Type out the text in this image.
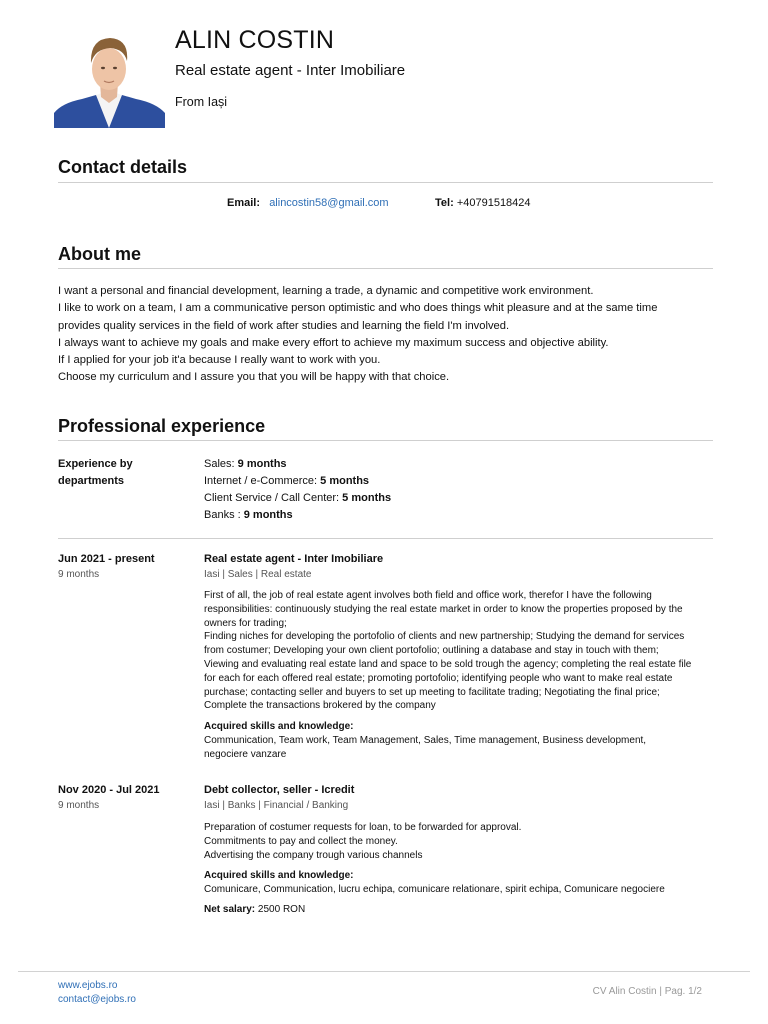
ALIN COSTIN
Real estate agent - Inter Imobiliare
From Iași
Contact details
Email: alincostin58@gmail.com	Tel: +40791518424
About me
I want a personal and financial development, learning a trade, a dynamic and competitive work environment.
I like to work on a team, I am a communicative person optimistic and who does things whit pleasure and at the same time
provides quality services in the field of work after studies and learning the field I'm involved.
I always want to achieve my goals and make every effort to achieve my maximum success and objective ability.
If I applied for your job it'a because I really want to work with you.
Choose my curriculum and I assure you that you will be happy with that choice.
Professional experience
Experience by
departments
Sales: 9 months
Internet / e-Commerce: 5 months
Client Service / Call Center: 5 months
Banks : 9 months
Jun 2021 - present
9 months
Real estate agent - Inter Imobiliare
Iasi | Sales | Real estate
First of all, the job of real estate agent involves both field and office work, therefor I have the following
responsibilities: continuously studying the real estate market in order to know the properties proposed by the
owners for trading;
Finding niches for developing the portofolio of clients and new partnership; Studying the demand for services
from costumer; Developing your own client portofolio; outlining a database and stay in touch with them;
Viewing and evaluating real estate land and space to be sold trough the agency; completing the real estate file
for each for each offered real estate; promoting portofolio; identifying people who want to make real estate
purchase; contacting seller and buyers to set up meeting to facilitate trading; Negotiating the final price;
Complete the transactions brokered by the company
Acquired skills and knowledge:
Communication, Team work, Team Management, Sales, Time management, Business development,
negociere vanzare
Nov 2020 - Jul 2021
9 months
Debt collector, seller - Icredit
Iasi | Banks | Financial / Banking
Preparation of costumer requests for loan, to be forwarded for approval.
Commitments to pay and collect the money.
Advertising the company trough various channels
Acquired skills and knowledge:
Comunicare, Communication, lucru echipa, comunicare relationare, spirit echipa, Comunicare negociere
Net salary: 2500 RON
www.ejobs.ro
contact@ejobs.ro
CV Alin Costin | Pag. 1/2
